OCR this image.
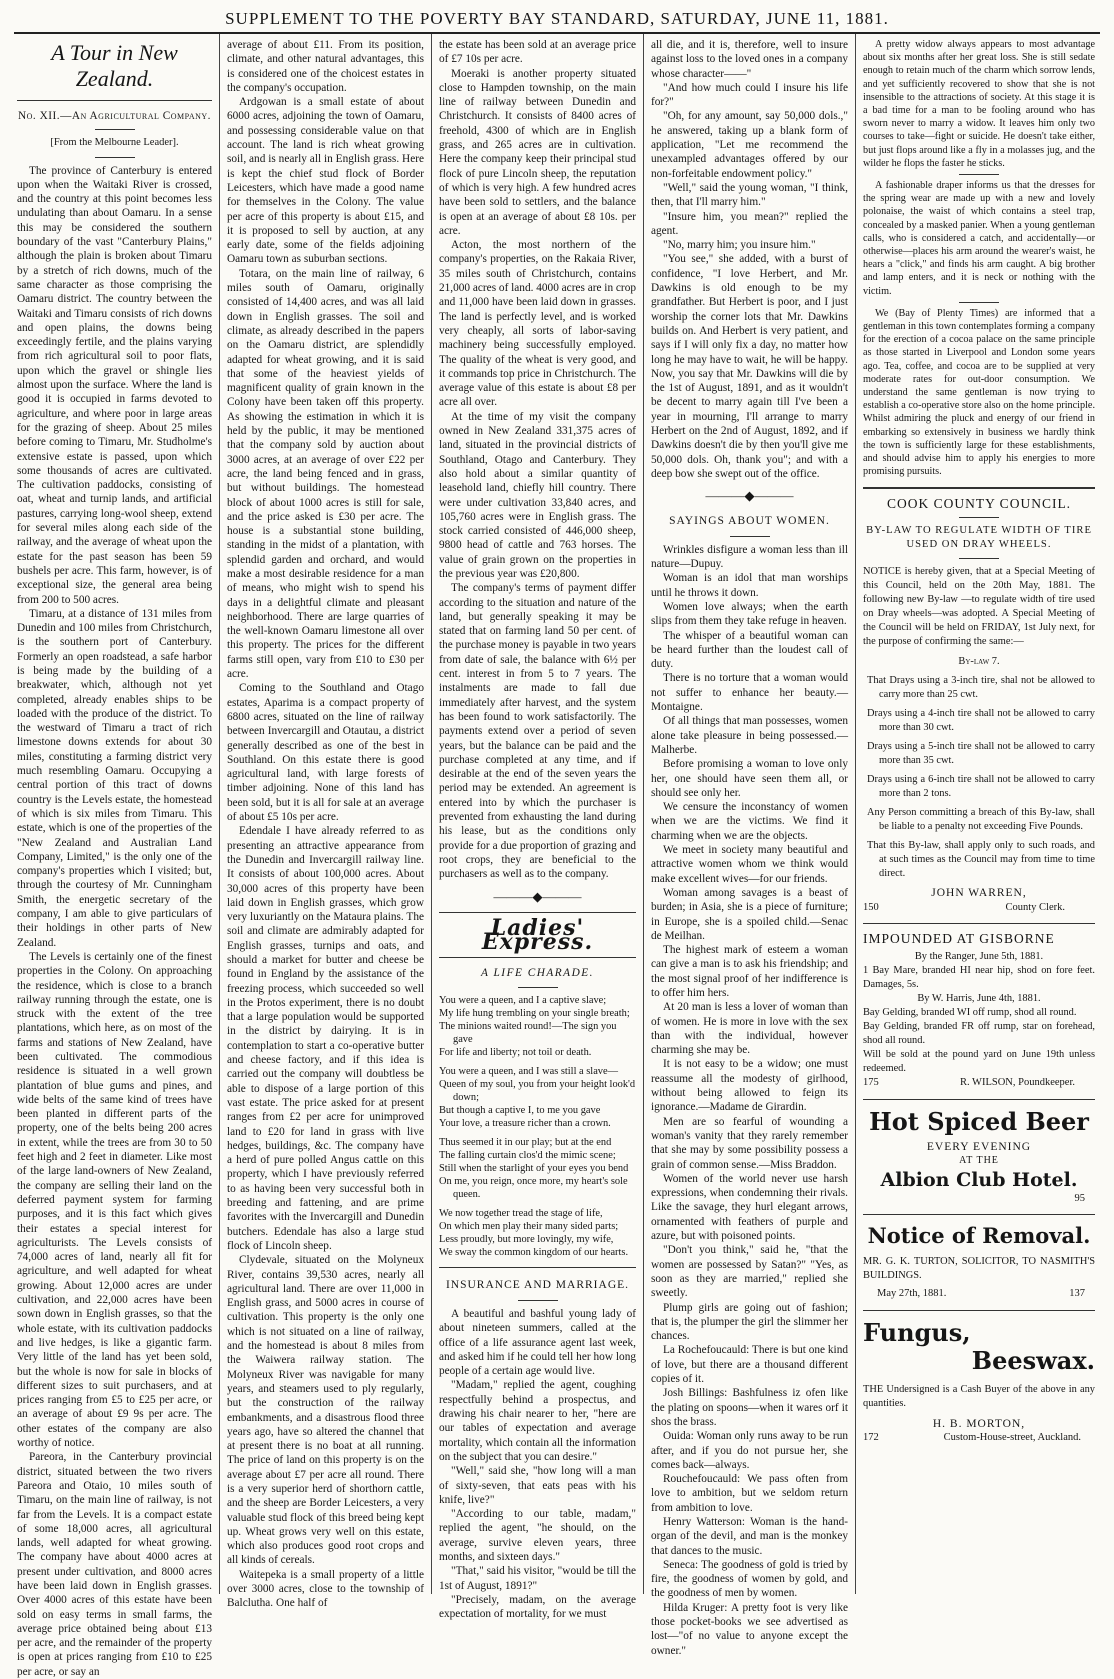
SUPPLEMENT TO THE POVERTY BAY STANDARD, SATURDAY, JUNE 11, 1881.
A Tour in New Zealand.
No. XII.—An Agricultural Company.
[From the Melbourne Leader].

The province of Canterbury is entered upon when the Waitaki River is crossed, and the country at this point becomes less undulating than about Oamaru. In a sense this may be considered the southern boundary of the vast "Canterbury Plains," although the plain is broken about Timaru by a stretch of rich downs, much of the same character as those comprising the Oamaru district. The country between the Waitaki and Timaru consists of rich downs and open plains, the downs being exceedingly fertile, and the plains varying from rich agricultural soil to poor flats, upon which the gravel or shingle lies almost upon the surface. Where the land is good it is occupied in farms devoted to agriculture, and where poor in large areas for the grazing of sheep. About 25 miles before coming to Timaru, Mr. Studholme's extensive estate is passed, upon which some thousands of acres are cultivated. The cultivation paddocks, consisting of oat, wheat and turnip lands, and artificial pastures, carrying long-wool sheep, extend for several miles along each side of the railway, and the average of wheat upon the estate for the past season has been 59 bushels per acre. This farm, however, is of exceptional size, the general area being from 200 to 500 acres.

Timaru, at a distance of 131 miles from Dunedin and 100 miles from Christchurch, is the southern port of Canterbury. Formerly an open roadstead, a safe harbor is being made by the building of a breakwater, which, although not yet completed, already enables ships to be loaded with the produce of the district. To the westward of Timaru a tract of rich limestone downs extends for about 30 miles, constituting a farming district very much resembling Oamaru. Occupying a central portion of this tract of downs country is the Levels estate, the homestead of which is six miles from Timaru. This estate, which is one of the properties of the "New Zealand and Australian Land Company, Limited," is the only one of the company's properties which I visited; but, through the courtesy of Mr. Cunningham Smith, the energetic secretary of the company, I am able to give particulars of their holdings in other parts of New Zealand.

The Levels is certainly one of the finest properties in the Colony. On approaching the residence, which is close to a branch railway running through the estate, one is struck with the extent of the tree plantations, which here, as on most of the farms and stations of New Zealand, have been cultivated. The commodious residence is situated in a well grown plantation of blue gums and pines, and wide belts of the same kind of trees have been planted in different parts of the property, one of the belts being 200 acres in extent, while the trees are from 30 to 50 feet high and 2 feet in diameter. Like most of the large land-owners of New Zealand, the company are selling their land on the deferred payment system for farming purposes, and it is this fact which gives their estates a special interest for agriculturists. The Levels consists of 74,000 acres of land, nearly all fit for agriculture, and well adapted for wheat growing. About 12,000 acres are under cultivation, and 22,000 acres have been sown down in English grasses, so that the whole estate, with its cultivation paddocks and live hedges, is like a gigantic farm. Very little of the land has yet been sold, but the whole is now for sale in blocks of different sizes to suit purchasers, and at prices ranging from £5 to £25 per acre, or an average of about £9 9s per acre. The other estates of the company are also worthy of notice.

Pareora, in the Canterbury provincial district, situated between the two rivers Pareora and Otaio, 10 miles south of Timaru, on the main line of railway, is not far from the Levels. It is a compact estate of some 18,000 acres, all agricultural lands, well adapted for wheat growing. The company have about 4000 acres at present under cultivation, and 8000 acres have been laid down in English grasses. Over 4000 acres of this estate have been sold on easy terms in small farms, the average price obtained being about £13 per acre, and the remainder of the property is open at prices ranging from £10 to £25 per acre, or say an

average of about £11. From its position, climate, and other natural advantages, this is considered one of the choicest estates in the company's occupation.

Ardgowan is a small estate of about 6000 acres, adjoining the town of Oamaru, and possessing considerable value on that account. The land is rich wheat growing soil, and is nearly all in English grass. Here is kept the chief stud flock of Border Leicesters, which have made a good name for themselves in the Colony. The value per acre of this property is about £15, and it is proposed to sell by auction, at any early date, some of the fields adjoining Oamaru town as suburban sections.

Totara, on the main line of railway, 6 miles south of Oamaru, originally consisted of 14,400 acres, and was all laid down in English grasses. The soil and climate, as already described in the papers on the Oamaru district, are splendidly adapted for wheat growing, and it is said that some of the heaviest yields of magnificent quality of grain known in the Colony have been taken off this property. As showing the estimation in which it is held by the public, it may be mentioned that the company sold by auction about 3000 acres, at an average of over £22 per acre, the land being fenced and in grass, but without buildings. The homestead block of about 1000 acres is still for sale, and the price asked is £30 per acre. The house is a substantial stone building, standing in the midst of a plantation, with splendid garden and orchard, and would make a most desirable residence for a man of means, who might wish to spend his days in a delightful climate and pleasant neighborhood. There are large quarries of the well-known Oamaru limestone all over this property. The prices for the different farms still open, vary from £10 to £30 per acre.

Coming to the Southland and Otago estates, Aparima is a compact property of 6800 acres, situated on the line of railway between Invercargill and Otautau, a district generally described as one of the best in Southland. On this estate there is good agricultural land, with large forests of timber adjoining. None of this land has been sold, but it is all for sale at an average of about £5 10s per acre.

Edendale I have already referred to as presenting an attractive appearance from the Dunedin and Invercargill railway line. It consists of about 100,000 acres. About 30,000 acres of this property have been laid down in English grasses, which grow very luxuriantly on the Mataura plains. The soil and climate are admirably adapted for English grasses, turnips and oats, and should a market for butter and cheese be found in England by the assistance of the freezing process, which succeeded so well in the Protos experiment, there is no doubt that a large population would be supported in the district by dairying. It is in contemplation to start a co-operative butter and cheese factory, and if this idea is carried out the company will doubtless be able to dispose of a large portion of this vast estate. The price asked for at present ranges from £2 per acre for unimproved land to £20 for land in grass with live hedges, buildings, &c. The company have a herd of pure polled Angus cattle on this property, which I have previously referred to as having been very successful both in breeding and fattening, and are prime favorites with the Invercargill and Dunedin butchers. Edendale has also a large stud flock of Lincoln sheep.

Clydevale, situated on the Molyneux River, contains 39,530 acres, nearly all agricultural land. There are over 11,000 in English grass, and 5000 acres in course of cultivation. This property is the only one which is not situated on a line of railway, and the homestead is about 8 miles from the Waiwera railway station. The Molyneux River was navigable for many years, and steamers used to ply regularly, but the construction of the railway embankments, and a disastrous flood three years ago, have so altered the channel that at present there is no boat at all running. The price of land on this property is on the average about £7 per acre all round. There is a very superior herd of shorthorn cattle, and the sheep are Border Leicesters, a very valuable stud flock of this breed being kept up. Wheat grows very well on this estate, which also produces good root crops and all kinds of cereals.

Waitepeka is a small property of a little over 3000 acres, close to the township of Balclutha. One half of

the estate has been sold at an average price of £7 10s per acre.

Moeraki is another property situated close to Hampden township, on the main line of railway between Dunedin and Christchurch. It consists of 8400 acres of freehold, 4300 of which are in English grass, and 265 acres are in cultivation. Here the company keep their principal stud flock of pure Lincoln sheep, the reputation of which is very high. A few hundred acres have been sold to settlers, and the balance is open at an average of about £8 10s. per acre.

Acton, the most northern of the company's properties, on the Rakaia River, 35 miles south of Christchurch, contains 21,000 acres of land. 4000 acres are in crop and 11,000 have been laid down in grasses. The land is perfectly level, and is worked very cheaply, all sorts of labor-saving machinery being successfully employed. The quality of the wheat is very good, and it commands top price in Christchurch. The average value of this estate is about £8 per acre all over.

At the time of my visit the company owned in New Zealand 331,375 acres of land, situated in the provincial districts of Southland, Otago and Canterbury. They also hold about a similar quantity of leasehold land, chiefly hill country. There were under cultivation 33,840 acres, and 105,760 acres were in English grass. The stock carried consisted of 446,000 sheep, 9800 head of cattle and 763 horses. The value of grain grown on the properties in the previous year was £20,800.

The company's terms of payment differ according to the situation and nature of the land, but generally speaking it may be stated that on farming land 50 per cent. of the purchase money is payable in two years from date of sale, the balance with 6½ per cent. interest in from 5 to 7 years. The instalments are made to fall due immediately after harvest, and the system has been found to work satisfactorily. The payments extend over a period of seven years, but the balance can be paid and the purchase completed at any time, and if desirable at the end of the seven years the period may be extended. An agreement is entered into by which the purchaser is prevented from exhausting the land during his lease, but as the conditions only provide for a due proportion of grazing and root crops, they are beneficial to the purchasers as well as to the company.

———◆———
Ladies' Express.
A LIFE CHARADE.
You were a queen, and I a captive slave;
My life hung trembling on your single breath;
The minions waited round!—The sign you gave
For life and liberty; not toil or death.
You were a queen, and I was still a slave—
Queen of my soul, you from your height look'd down;
But though a captive I, to me you gave
Your love, a treasure richer than a crown.
Thus seemed it in our play; but at the end
The falling curtain clos'd the mimic scene;
Still when the starlight of your eyes you bend
On me, you reign, once more, my heart's sole queen.
We now together tread the stage of life,
On which men play their many sided parts;
Less proudly, but more lovingly, my wife,
We sway the common kingdom of our hearts.
INSURANCE AND MARRIAGE.

A beautiful and bashful young lady of about nineteen summers, called at the office of a life assurance agent last week, and asked him if he could tell her how long people of a certain age would live.

"Madam," replied the agent, coughing respectfully behind a prospectus, and drawing his chair nearer to her, "here are our tables of expectation and average mortality, which contain all the information on the subject that you can desire."

"Well," said she, "how long will a man of sixty-seven, that eats peas with his knife, live?"

"According to our table, madam," replied the agent, "he should, on the average, survive eleven years, three months, and sixteen days."

"That," said his visitor, "would be till the 1st of August, 1891?"

"Precisely, madam, on the average expectation of mortality, for we must

all die, and it is, therefore, well to insure against loss to the loved ones in a company whose character——"

"And how much could I insure his life for?"

"Oh, for any amount, say 50,000 dols.," he answered, taking up a blank form of application, "Let me recommend the unexampled advantages offered by our non-forfeitable endowment policy."

"Well," said the young woman, "I think, then, that I'll marry him."

"Insure him, you mean?" replied the agent.

"No, marry him; you insure him."

"You see," she added, with a burst of confidence, "I love Herbert, and Mr. Dawkins is old enough to be my grandfather. But Herbert is poor, and I just worship the corner lots that Mr. Dawkins builds on. And Herbert is very patient, and says if I will only fix a day, no matter how long he may have to wait, he will be happy. Now, you say that Mr. Dawkins will die by the 1st of August, 1891, and as it wouldn't be decent to marry again till I've been a year in mourning, I'll arrange to marry Herbert on the 2nd of August, 1892, and if Dawkins doesn't die by then you'll give me 50,000 dols. Oh, thank you"; and with a deep bow she swept out of the office.

———◆———
SAYINGS ABOUT WOMEN.

Wrinkles disfigure a woman less than ill nature—Dupuy.

Woman is an idol that man worships until he throws it down.

Women love always; when the earth slips from them they take refuge in heaven.

The whisper of a beautiful woman can be heard further than the loudest call of duty.

There is no torture that a woman would not suffer to enhance her beauty.—Montaigne.

Of all things that man possesses, women alone take pleasure in being possessed.—Malherbe.

Before promising a woman to love only her, one should have seen them all, or should see only her.

We censure the inconstancy of women when we are the victims. We find it charming when we are the objects.

We meet in society many beautiful and attractive women whom we think would make excellent wives—for our friends.

Woman among savages is a beast of burden; in Asia, she is a piece of furniture; in Europe, she is a spoiled child.—Senac de Meilhan.

The highest mark of esteem a woman can give a man is to ask his friendship; and the most signal proof of her indifference is to offer him hers.

At 20 man is less a lover of woman than of women. He is more in love with the sex than with the individual, however charming she may be.

It is not easy to be a widow; one must reassume all the modesty of girlhood, without being allowed to feign its ignorance.—Madame de Girardin.

Men are so fearful of wounding a woman's vanity that they rarely remember that she may by some possibility possess a grain of common sense.—Miss Braddon.

Women of the world never use harsh expressions, when condemning their rivals. Like the savage, they hurl elegant arrows, ornamented with feathers of purple and azure, but with poisoned points.

"Don't you think," said he, "that the women are possessed by Satan?" "Yes, as soon as they are married," replied she sweetly.

Plump girls are going out of fashion; that is, the plumper the girl the slimmer her chances.

La Rochefoucauld: There is but one kind of love, but there are a thousand different copies of it.

Josh Billings: Bashfulness iz ofen like the plating on spoons—when it wares orf it shos the brass.

Ouida: Woman only runs away to be run after, and if you do not pursue her, she comes back—always.

Rouchefoucauld: We pass often from love to ambition, but we seldom return from ambition to love.

Henry Watterson: Woman is the hand-organ of the devil, and man is the monkey that dances to the music.

Seneca: The goodness of gold is tried by fire, the goodness of women by gold, and the goodness of men by women.

Hilda Kruger: A pretty foot is very like those pocket-books we see advertised as lost—"of no value to anyone except the owner."

A pretty widow always appears to most advantage about six months after her great loss. She is still sedate enough to retain much of the charm which sorrow lends, and yet sufficiently recovered to show that she is not insensible to the attractions of society. At this stage it is a bad time for a man to be fooling around who has sworn never to marry a widow. It leaves him only two courses to take—fight or suicide. He doesn't take either, but just flops around like a fly in a molasses jug, and the wilder he flops the faster he sticks.

A fashionable draper informs us that the dresses for the spring wear are made up with a new and lovely polonaise, the waist of which contains a steel trap, concealed by a masked panier. When a young gentleman calls, who is considered a catch, and accidentally—or otherwise—places his arm around the wearer's waist, he hears a "click," and finds his arm caught. A big brother and lamp enters, and it is neck or nothing with the victim.

We (Bay of Plenty Times) are informed that a gentleman in this town contemplates forming a company for the erection of a cocoa palace on the same principle as those started in Liverpool and London some years ago. Tea, coffee, and cocoa are to be supplied at very moderate rates for out-door consumption. We understand the same gentleman is now trying to establish a co-operative store also on the home principle. Whilst admiring the pluck and energy of our friend in embarking so extensively in business we hardly think the town is sufficiently large for these establishments, and should advise him to apply his energies to more promising pursuits.

COOK COUNTY COUNCIL.
BY-LAW TO REGULATE WIDTH OF TIRE USED ON DRAY WHEELS.
NOTICE is hereby given, that at a Special Meeting of this Council, held on the 20th May, 1881. The following new By-law —to regulate width of tire used on Dray wheels—was adopted. A Special Meeting of the Council will be held on FRIDAY, 1st July next, for the purpose of confirming the same:—
By-law 7.
That Drays using a 3-inch tire, shal not be allowed to carry more than 25 cwt.
Drays using a 4-inch tire shall not be allowed to carry more than 30 cwt.
Drays using a 5-inch tire shall not be allowed to carry more than 35 cwt.
Drays using a 6-inch tire shall not be allowed to carry more than 2 tons.
Any Person committing a breach of this By-law, shall be liable to a penalty not exceeding Five Pounds.
That this By-law, shall apply only to such roads, and at such times as the Council may from time to time direct.
JOHN WARREN,
150	County Clerk.
IMPOUNDED AT GISBORNE
By the Ranger, June 5th, 1881.
1 Bay Mare, branded HI near hip, shod on fore feet. Damages, 5s.
By W. Harris, June 4th, 1881.
Bay Gelding, branded WI off rump, shod all round.
Bay Gelding, branded FR off rump, star on forehead, shod all round.
Will be sold at the pound yard on June 19th unless redeemed.
175	R. WILSON, Poundkeeper.
Hot Spiced Beer
EVERY EVENING
AT THE
Albion Club Hotel.
95
Notice of Removal.
MR. G. K. TURTON, SOLICITOR, TO NASMITH'S BUILDINGS.
May 27th, 1881.	137
Fungus,
Beeswax.
THE Undersigned is a Cash Buyer of the above in any quantities.
H. B. MORTON,
172	Custom-House-street, Auckland.
